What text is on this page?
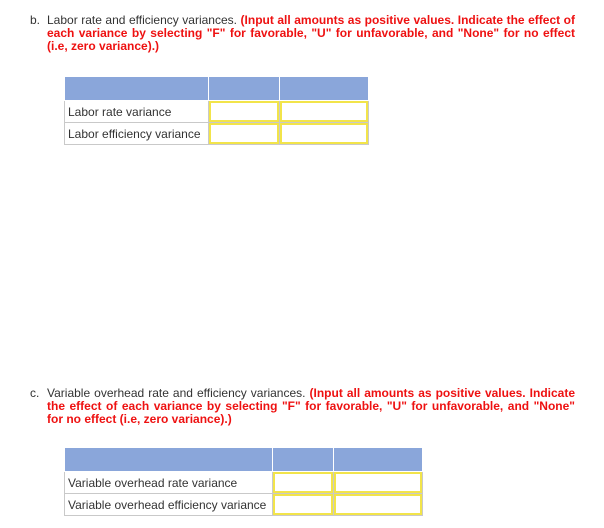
b. Labor rate and efficiency variances. (Input all amounts as positive values. Indicate the effect of each variance by selecting "F" for favorable, "U" for unfavorable, and "None" for no effect (i.e, zero variance).)

Labor rate variance	

Labor efficiency variance	

c. Variable overhead rate and efficiency variances. (Input all amounts as positive values. Indicate the effect of each variance by selecting "F" for favorable, "U" for unfavorable, and "None" for no effect (i.e, zero variance).)

Variable overhead rate variance	

Variable overhead efficiency variance	
